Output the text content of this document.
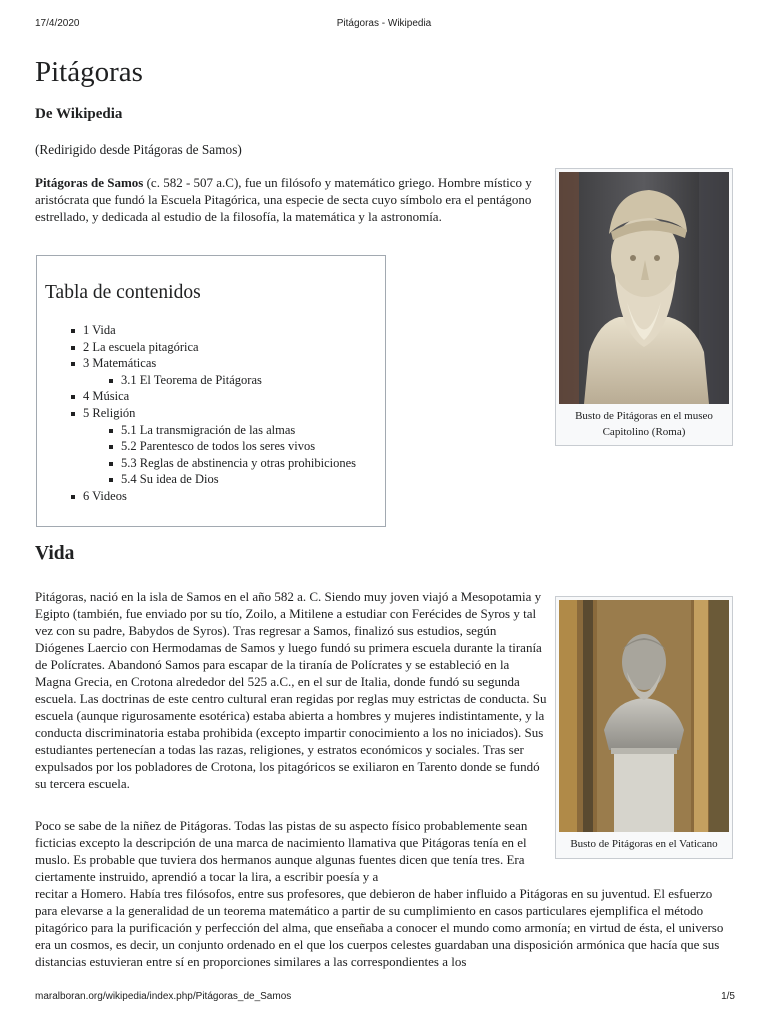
17/4/2020	Pitágoras - Wikipedia
Pitágoras
De Wikipedia
(Redirigido desde Pitágoras de Samos)

Pitágoras de Samos (c. 582 - 507 a.C), fue un filósofo y matemático griego. Hombre místico y aristócrata que fundó la Escuela Pitagórica, una especie de secta cuyo símbolo era el pentágono estrellado, y dedicada al estudio de la filosofía, la matemática y la astronomía.

Tabla de contenidos
1 Vida
2 La escuela pitagórica
3 Matemáticas
3.1 El Teorema de Pitágoras
4 Música
5 Religión
5.1 La transmigración de las almas
5.2 Parentesco de todos los seres vivos
5.3 Reglas de abstinencia y otras prohibiciones
5.4 Su idea de Dios
6 Videos
Busto de Pitágoras en el museo Capitolino (Roma)
Vida

Pitágoras, nació en la isla de Samos en el año 582 a. C. Siendo muy joven viajó a Mesopotamia y Egipto (también, fue enviado por su tío, Zoilo, a Mitilene a estudiar con Ferécides de Syros y tal vez con su padre, Babydos de Syros). Tras regresar a Samos, finalizó sus estudios, según Diógenes Laercio con Hermodamas de Samos y luego fundó su primera escuela durante la tiranía de Polícrates. Abandonó Samos para escapar de la tiranía de Polícrates y se estableció en la Magna Grecia, en Crotona alrededor del 525 a.C., en el sur de Italia, donde fundó su segunda escuela. Las doctrinas de este centro cultural eran regidas por reglas muy estrictas de conducta. Su escuela (aunque rigurosamente esotérica) estaba abierta a hombres y mujeres indistintamente, y la conducta discriminatoria estaba prohibida (excepto impartir conocimiento a los no iniciados). Sus estudiantes pertenecían a todas las razas, religiones, y estratos económicos y sociales. Tras ser expulsados por los pobladores de Crotona, los pitagóricos se exiliaron en Tarento donde se fundó su tercera escuela.

Busto de Pitágoras en el Vaticano

Poco se sabe de la niñez de Pitágoras. Todas las pistas de su aspecto físico probablemente sean ficticias excepto la descripción de una marca de nacimiento llamativa que Pitágoras tenía en el muslo. Es probable que tuviera dos hermanos aunque algunas fuentes dicen que tenía tres. Era ciertamente instruido, aprendió a tocar la lira, a escribir poesía y a
recitar a Homero. Había tres filósofos, entre sus profesores, que debieron de haber influido a Pitágoras en su juventud. El esfuerzo para elevarse a la generalidad de un teorema matemático a partir de su cumplimiento en casos particulares ejemplifica el método pitagórico para la purificación y perfección del alma, que enseñaba a conocer el mundo como armonía; en virtud de ésta, el universo era un cosmos, es decir, un conjunto ordenado en el que los cuerpos celestes guardaban una disposición armónica que hacía que sus distancias estuvieran entre sí en proporciones similares a las correspondientes a los

maralboran.org/wikipedia/index.php/Pitágoras_de_Samos	1/5
